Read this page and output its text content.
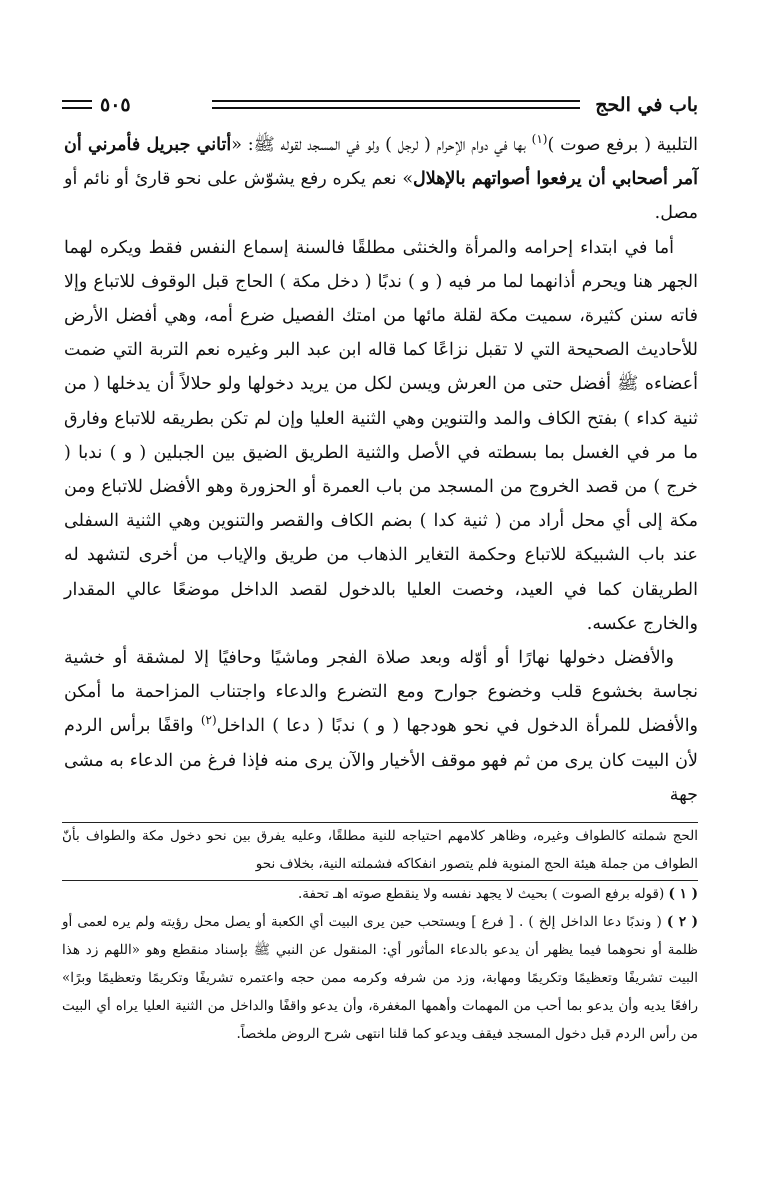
باب في الحج
٥٠٥

التلبية ( برفع صوت )$^{(١)}$ بها في دوام الإحرام ( لرجل ) ولو في المسجد لقوله ﷺ: «أتاني جبريل فأمرني أن آمر أصحابي أن يرفعوا أصواتهم بالإهلال» نعم يكره رفع يشوّش على نحو قارئ أو نائم أو مصل.

أما في ابتداء إحرامه والمرأة والخنثى مطلقًا فالسنة إسماع النفس فقط ويكره لهما الجهر هنا ويحرم أذانهما لما مر فيه ( و ) ندبًا ( دخل مكة ) الحاج قبل الوقوف للاتباع وإلا فاته سنن كثيرة، سميت مكة لقلة مائها من امتك الفصيل ضرع أمه، وهي أفضل الأرض للأحاديث الصحيحة التي لا تقبل نزاعًا كما قاله ابن عبد البر وغيره نعم التربة التي ضمت أعضاءه ﷺ أفضل حتى من العرش ويسن لكل من يريد دخولها ولو حلالاً أن يدخلها ( من ثنية كداء ) بفتح الكاف والمد والتنوين وهي الثنية العليا وإن لم تكن بطريقه للاتباع وفارق ما مر في الغسل بما بسطته في الأصل والثنية الطريق الضيق بين الجبلين ( و ) ندبا ( خرج ) من قصد الخروج من المسجد من باب العمرة أو الحزورة وهو الأفضل للاتباع ومن مكة إلى أي محل أراد من ( ثنية كدا ) بضم الكاف والقصر والتنوين وهي الثنية السفلى عند باب الشبيكة للاتباع وحكمة التغاير الذهاب من طريق والإياب من أخرى لتشهد له الطريقان كما في العيد، وخصت العليا بالدخول لقصد الداخل موضعًا عالي المقدار والخارج عكسه.

والأفضل دخولها نهارًا أو أوّله وبعد صلاة الفجر وماشيًا وحافيًا إلا لمشقة أو خشية نجاسة بخشوع قلب وخضوع جوارح ومع التضرع والدعاء واجتناب المزاحمة ما أمكن والأفضل للمرأة الدخول في نحو هودجها ( و ) ندبًا ( دعا ) الداخل$^{(٢)}$ واقفًا برأس الردم لأن البيت كان يرى من ثم فهو موقف الأخيار والآن يرى منه فإذا فرغ من الدعاء به مشى جهة

الحج شملته كالطواف وغيره، وظاهر كلامهم احتياجه للنية مطلقًا، وعليه يفرق بين نحو دخول مكة والطواف بأنّ الطواف من جملة هيئة الحج المنوية فلم يتصور انفكاكه فشملته النية، بخلاف نحو

( ١ ) (قوله برفع الصوت ) بحيث لا يجهد نفسه ولا ينقطع صوته اهـ تحفة.

( ٢ ) ( وندبًا دعا الداخل إلخ ) . [ فرع ] ويستحب حين يرى البيت أي الكعبة أو يصل محل رؤيته ولم يره لعمى أو ظلمة أو نحوهما فيما يظهر أن يدعو بالدعاء المأثور أي: المنقول عن النبي ﷺ بإسناد منقطع وهو «اللهم زد هذا البيت تشريفًا وتعظيمًا وتكريمًا ومهابة، وزد من شرفه وكرمه ممن حجه واعتمره تشريفًا وتكريمًا وتعظيمًا وبرًا» رافعًا يديه وأن يدعو بما أحب من المهمات وأهمها المغفرة، وأن يدعو واقفًا والداخل من الثنية العليا يراه أي البيت من رأس الردم قبل دخول المسجد فيقف ويدعو كما قلنا انتهى شرح الروض ملخصاً.
